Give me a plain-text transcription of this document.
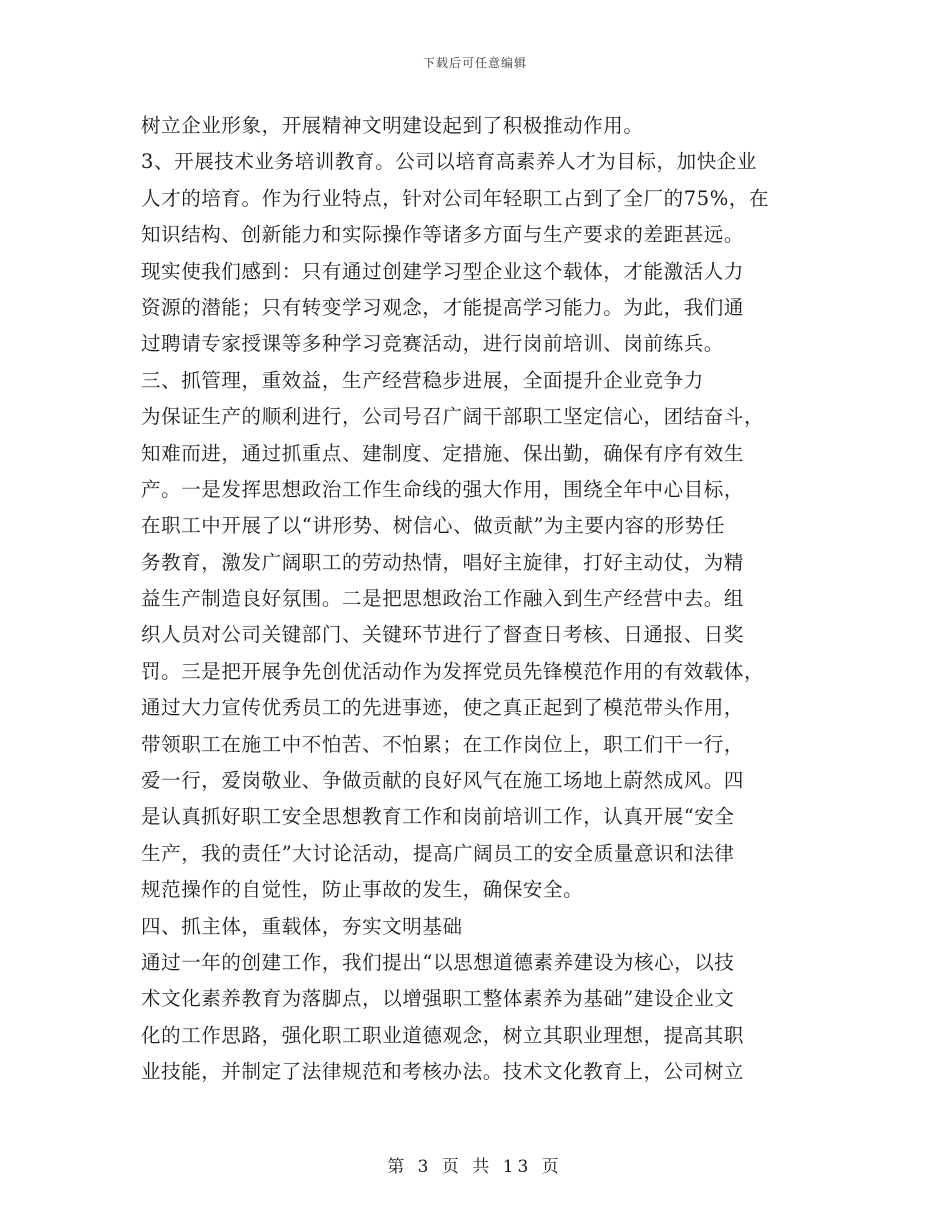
下载后可任意编辑
树立企业形象，开展精神文明建设起到了积极推动作用。
3、开展技术业务培训教育。公司以培育高素养人才为目标，加快企业
人才的培育。作为行业特点，针对公司年轻职工占到了全厂的75%，在
知识结构、创新能力和实际操作等诸多方面与生产要求的差距甚远。
现实使我们感到：只有通过创建学习型企业这个载体，才能激活人力
资源的潜能；只有转变学习观念，才能提高学习能力。为此，我们通
过聘请专家授课等多种学习竞赛活动，进行岗前培训、岗前练兵。
三、抓管理，重效益，生产经营稳步进展，全面提升企业竞争力
为保证生产的顺利进行，公司号召广阔干部职工坚定信心，团结奋斗，
知难而进，通过抓重点、建制度、定措施、保出勤，确保有序有效生
产。一是发挥思想政治工作生命线的强大作用，围绕全年中心目标，
在职工中开展了以“讲形势、树信心、做贡献”为主要内容的形势任
务教育，激发广阔职工的劳动热情，唱好主旋律，打好主动仗，为精
益生产制造良好氛围。二是把思想政治工作融入到生产经营中去。组
织人员对公司关键部门、关键环节进行了督查日考核、日通报、日奖
罚。三是把开展争先创优活动作为发挥党员先锋模范作用的有效载体，
通过大力宣传优秀员工的先进事迹，使之真正起到了模范带头作用，
带领职工在施工中不怕苦、不怕累；在工作岗位上，职工们干一行，
爱一行，爱岗敬业、争做贡献的良好风气在施工场地上蔚然成风。四
是认真抓好职工安全思想教育工作和岗前培训工作，认真开展“安全
生产，我的责任”大讨论活动，提高广阔员工的安全质量意识和法律
规范操作的自觉性，防止事故的发生，确保安全。
四、抓主体，重载体，夯实文明基础
通过一年的创建工作，我们提出“以思想道德素养建设为核心，以技
术文化素养教育为落脚点，以增强职工整体素养为基础”建设企业文
化的工作思路，强化职工职业道德观念，树立其职业理想，提高其职
业技能，并制定了法律规范和考核办法。技术文化教育上，公司树立
第 3 页 共 13 页
